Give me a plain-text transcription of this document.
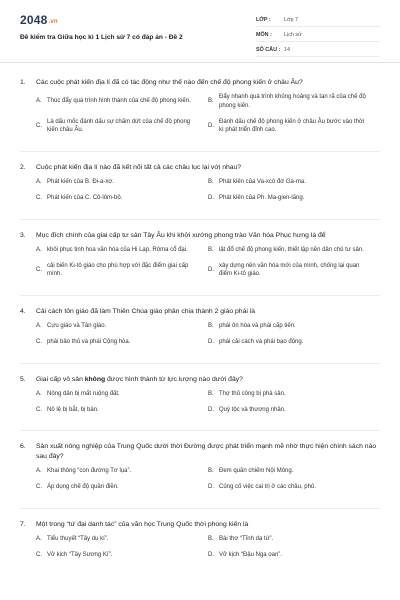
2048.vn
Đề kiểm tra Giữa học kì 1 Lịch sử 7 có đáp án - Đề 2
LỚP :	Lớp 7
MÔN :	Lịch sử
SỐ CÂU : 14
1.	Các cuộc phát kiến địa lí đã có tác động như thế nào đến chế độ phong kiến ở châu Âu?
A. Thúc đẩy quá trình hình thành của chế độ phong kiến.	B.
Đẩy nhanh quá trình khủng hoảng và tan rã của chế độ phong kiến.
C.
Là dấu mốc đánh dấu sự chấm dứt của chế độ phong kiến châu Âu.
D.
Đánh dấu chế độ phong kiến ở châu Âu bước vào thời kì phát triển đỉnh cao.
2.	Cuộc phát kiến địa lí nào đã kết nối tất cả các châu lục lại với nhau?
A. Phát kiến của B. Đi-a-xơ.	B. Phát kiến của Va-xcô đơ Ga-ma.
C. Phát kiến của C. Cô-lôm-bô.	D. Phát kiến của Ph. Ma-gien-lăng.
3.	Mục đích chính của giai cấp tư sản Tây Âu khi khởi xướng phong trào Văn hóa Phục hưng là để
A. khôi phục tinh hoa văn hóa của Hi Lạp, Rôma cổ đại.	B. lật đổ chế độ phong kiến, thiết lập nền dân chủ tư sản.
C.
cải biến Ki-tô giáo cho phù hợp với đặc điểm giai cấp mình.
D.
xây dựng nền văn hóa mới của mình, chống lại quan điểm Ki-tô giáo.
4.	Cải cách tôn giáo đã làm Thiên Chúa giáo phân chia thành 2 giáo phái là
A. Cựu giáo và Tân giáo.	B. phái ôn hòa và phái cấp tiến.
C. phái bảo thủ và phái Cộng hòa.	D. phái cải cách và phái bạo động.
5.	Giai cấp vô sản không được hình thành từ lực lượng nào dưới đây?
A. Nông dân bị mất ruộng đất.	B. Thợ thủ công bị phá sản.
C. Nô lệ bị bắt, bị bán.	D. Quý tộc và thương nhân.
6.	Sản xuất nông nghiệp của Trung Quốc dưới thời Đường được phát triển mạnh mẽ nhờ thực hiện chính sách nào sau đây?
A. Khai thông “con đường Tơ lụa”.	B. Đem quân chiếm Nội Mông.
C. Áp dụng chế độ quân điền.	D. Củng cố việc cai trị ở các châu, phủ.
7.	Một trong “tứ đại danh tác” của văn học Trung Quốc thời phong kiến là
A. Tiểu thuyết “Tây du kí”.	B. Bài thơ “Tĩnh dạ tứ”.
C. Vở kịch “Tây Sương Kí”.	D. Vở kịch “Đậu Nga oan”.
